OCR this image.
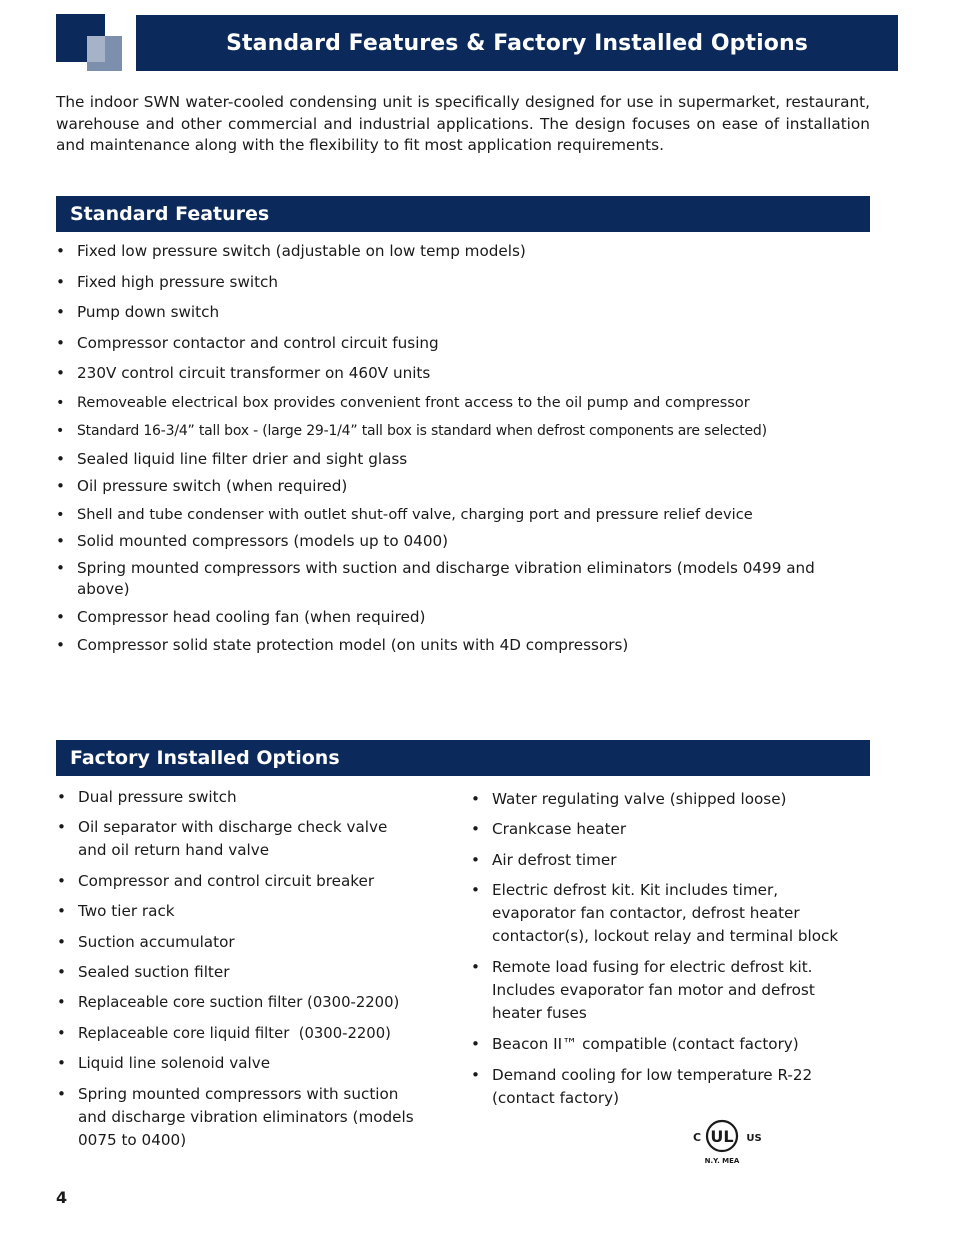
Standard Features & Factory Installed Options
The indoor SWN water-cooled condensing unit is specifically designed for use in supermarket, restaurant, warehouse and other commercial and industrial applications. The design focuses on ease of installation and maintenance along with the flexibility to fit most application requirements.
Standard Features
• Fixed low pressure switch (adjustable on low temp models)
• Fixed high pressure switch
• Pump down switch
• Compressor contactor and control circuit fusing
• 230V control circuit transformer on 460V units
• Removeable electrical box provides convenient front access to the oil pump and compressor
• Standard 16-3/4” tall box - (large 29-1/4” tall box is standard when defrost components are selected)
• Sealed liquid line filter drier and sight glass
• Oil pressure switch (when required)
• Shell and tube condenser with outlet shut-off valve, charging port and pressure relief device
• Solid mounted compressors (models up to 0400)
• Spring mounted compressors with suction and discharge vibration eliminators (models 0499 and above)
• Compressor head cooling fan (when required)
• Compressor solid state protection model (on units with 4D compressors)
Factory Installed Options
• Dual pressure switch
• Oil separator with discharge check valve and oil return hand valve
• Compressor and control circuit breaker
• Two tier rack
• Suction accumulator
• Sealed suction filter
• Replaceable core suction filter (0300-2200)
• Replaceable core liquid filter  (0300-2200)
• Liquid line solenoid valve
• Spring mounted compressors with suction and discharge vibration eliminators (models 0075 to 0400)
• Water regulating valve (shipped loose)
• Crankcase heater
• Air defrost timer
• Electric defrost kit. Kit includes timer, evaporator fan contactor, defrost heater contactor(s), lockout relay and terminal block
• Remote load fusing for electric defrost kit. Includes evaporator fan motor and defrost heater fuses
• Beacon II™ compatible (contact factory)
• Demand cooling for low temperature R-22 (contact factory)
UL
C	US
N.Y. MEA
4
